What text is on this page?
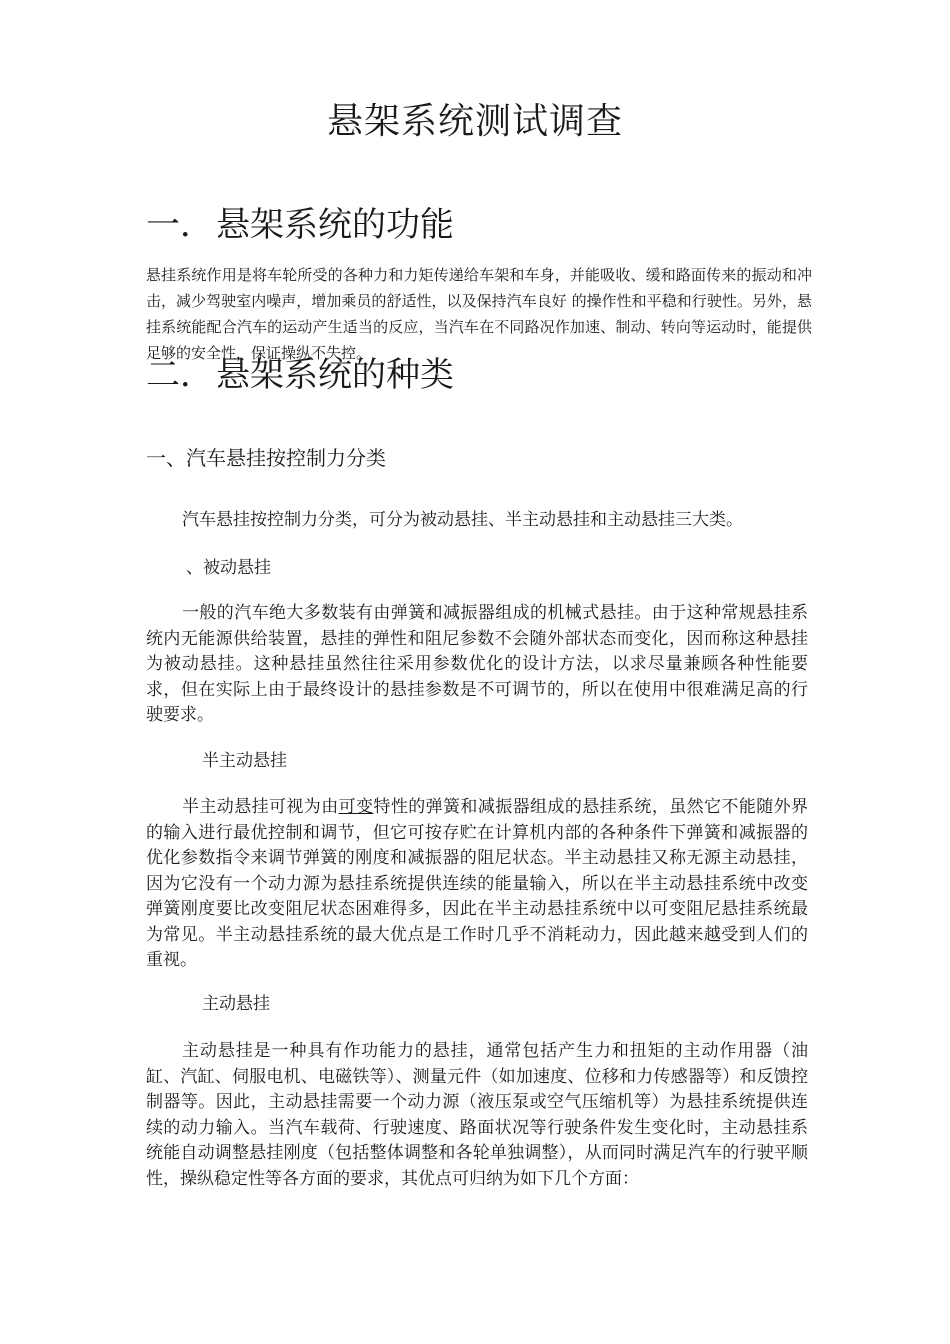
悬架系统测试调查
一．悬架系统的功能

悬挂系统作用是将车轮所受的各种力和力矩传递给车架和车身，并能吸收、缓和路面传来的振动和冲击，减少驾驶室内噪声，增加乘员的舒适性，以及保持汽车良好 的操作性和平稳和行驶性。另外，悬挂系统能配合汽车的运动产生适当的反应，当汽车在不同路况作加速、制动、转向等运动时，能提供足够的安全性，保证操纵不失控。

二．悬架系统的种类
一、汽车悬挂按控制力分类

汽车悬挂按控制力分类，可分为被动悬挂、半主动悬挂和主动悬挂三大类。

、被动悬挂

一般的汽车绝大多数装有由弹簧和减振器组成的机械式悬挂。由于这种常规悬挂系统内无能源供给装置，悬挂的弹性和阻尼参数不会随外部状态而变化，因而称这种悬挂为被动悬挂。这种悬挂虽然往往采用参数优化的设计方法，以求尽量兼顾各种性能要求，但在实际上由于最终设计的悬挂参数是不可调节的，所以在使用中很难满足高的行驶要求。

半主动悬挂

半主动悬挂可视为由可变特性的弹簧和减振器组成的悬挂系统，虽然它不能随外界的输入进行最优控制和调节，但它可按存贮在计算机内部的各种条件下弹簧和减振器的优化参数指令来调节弹簧的刚度和减振器的阻尼状态。半主动悬挂又称无源主动悬挂，因为它没有一个动力源为悬挂系统提供连续的能量输入，所以在半主动悬挂系统中改变弹簧刚度要比改变阻尼状态困难得多，因此在半主动悬挂系统中以可变阻尼悬挂系统最为常见。半主动悬挂系统的最大优点是工作时几乎不消耗动力，因此越来越受到人们的重视。

主动悬挂

主动悬挂是一种具有作功能力的悬挂，通常包括产生力和扭矩的主动作用器（油缸、汽缸、伺服电机、电磁铁等）、测量元件（如加速度、位移和力传感器等）和反馈控制器等。因此，主动悬挂需要一个动力源（液压泵或空气压缩机等）为悬挂系统提供连续的动力输入。当汽车载荷、行驶速度、路面状况等行驶条件发生变化时，主动悬挂系统能自动调整悬挂刚度（包括整体调整和各轮单独调整），从而同时满足汽车的行驶平顺性，操纵稳定性等各方面的要求，其优点可归纳为如下几个方面：
